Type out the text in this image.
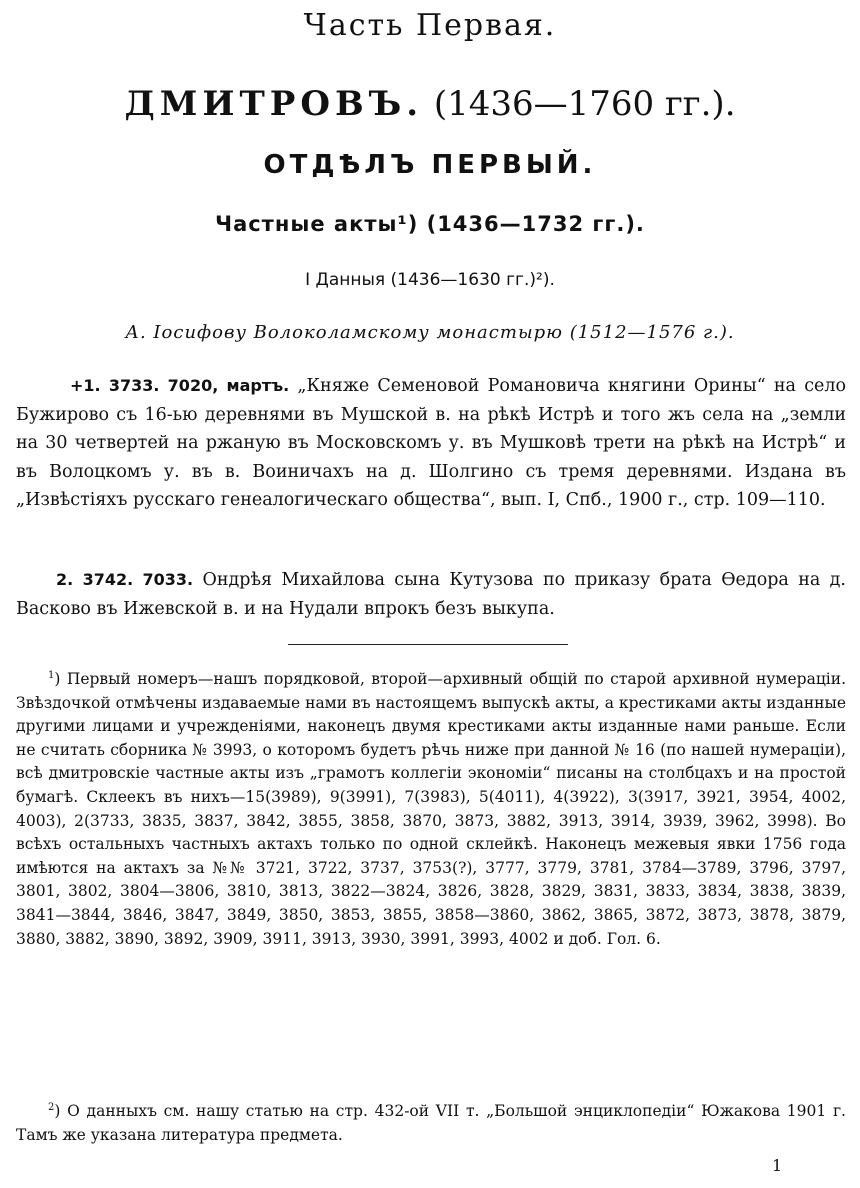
Часть Первая.
ДМИТРОВЪ. (1436—1760 гг.).
ОТДѢЛЪ ПЕРВЫЙ.
Частные акты¹) (1436—1732 гг.).
I Данныя (1436—1630 гг.)²).
А. Іосифову Волоколамскому монастырю (1512—1576 г.).
+1. 3733. 7020, мартъ. „Княже Семеновой Романовича княгини Орины“ на село Бужирово съ 16-ью деревнями въ Мушской в. на рѣкѣ Истрѣ и того жъ села на „земли на 30 четвертей на ржаную въ Московскомъ у. въ Мушковѣ трети на рѣкѣ на Истрѣ“ и въ Волоцкомъ у. въ в. Воиничахъ на д. Шолгино съ тремя деревнями. Издана въ „Извѣстіяхъ русскаго генеалогическаго общества“, вып. I, Спб., 1900 г., стр. 109—110.
2. 3742. 7033. Ондрѣя Михайлова сына Кутузова по приказу брата Ѳедора на д. Васково въ Ижевской в. и на Нудали впрокъ безъ выкупа.
$^1$) Первый номеръ—нашъ порядковой, второй—архивный общій по старой архивной нумераціи. Звѣздочкой отмѣчены издаваемые нами въ настоящемъ выпускѣ акты, а крестиками акты изданные другими лицами и учрежденіями, наконецъ двумя крестиками акты изданные нами раньше. Если не считать сборника № 3993, о которомъ будетъ рѣчь ниже при данной № 16 (по нашей нумераціи), всѣ дмитровскіе частные акты изъ „грамотъ коллегіи экономіи“ писаны на столбцахъ и на простой бумагѣ. Склеекъ въ нихъ—15(3989), 9(3991), 7(3983), 5(4011), 4(3922), 3(3917, 3921, 3954, 4002, 4003), 2(3733, 3835, 3837, 3842, 3855, 3858, 3870, 3873, 3882, 3913, 3914, 3939, 3962, 3998). Во всѣхъ остальныхъ частныхъ актахъ только по одной склейкѣ. Наконецъ межевыя явки 1756 года имѣются на актахъ за №№ 3721, 3722, 3737, 3753(?), 3777, 3779, 3781, 3784—3789, 3796, 3797, 3801, 3802, 3804—3806, 3810, 3813, 3822—3824, 3826, 3828, 3829, 3831, 3833, 3834, 3838, 3839, 3841—3844, 3846, 3847, 3849, 3850, 3853, 3855, 3858—3860, 3862, 3865, 3872, 3873, 3878, 3879, 3880, 3882, 3890, 3892, 3909, 3911, 3913, 3930, 3991, 3993, 4002 и доб. Гол. 6.
$^2$) О данныхъ см. нашу статью на стр. 432-ой VII т. „Большой энциклопедіи“ Южакова 1901 г. Тамъ же указана литература предмета.
1
